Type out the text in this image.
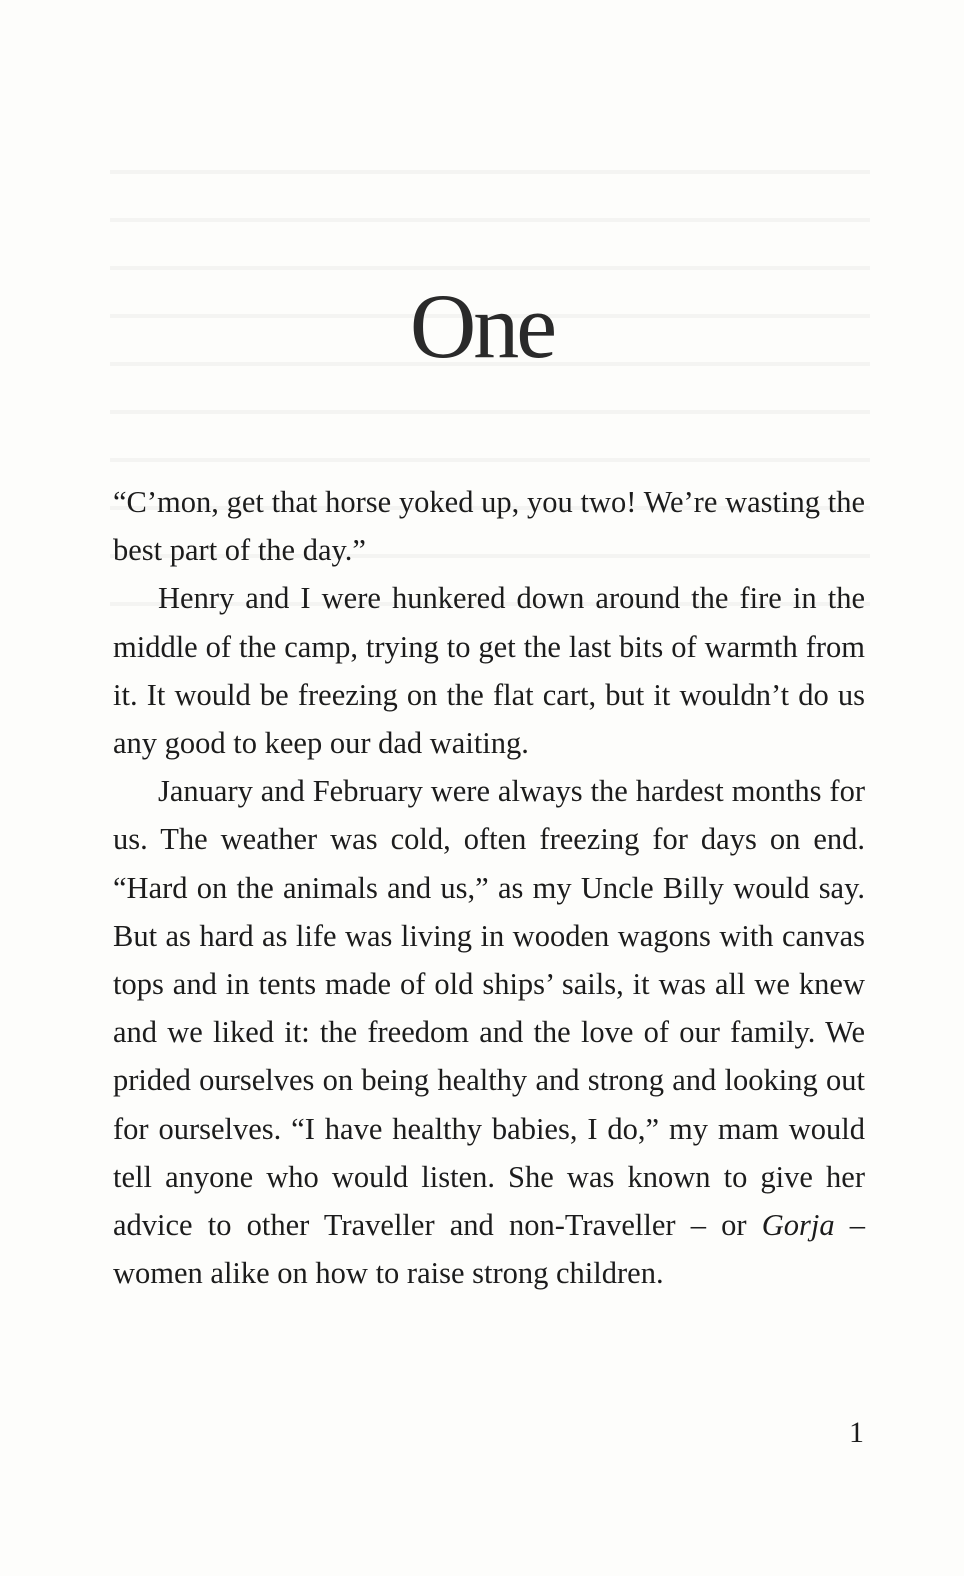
One

“C’mon, get that horse yoked up, you two! We’re wasting the best part of the day.”

Henry and I were hunkered down around the fire in the middle of the camp, trying to get the last bits of warmth from it. It would be freezing on the flat cart, but it wouldn’t do us any good to keep our dad waiting.

January and February were always the hardest months for us. The weather was cold, often freezing for days on end. “Hard on the animals and us,” as my Uncle Billy would say. But as hard as life was living in wooden wagons with canvas tops and in tents made of old ships’ sails, it was all we knew and we liked it: the freedom and the love of our family. We prided ourselves on being healthy and strong and looking out for ourselves. “I have healthy babies, I do,” my mam would tell anyone who would listen. She was known to give her advice to other Traveller and non-Traveller – or Gorja – women alike on how to raise strong children.

1
